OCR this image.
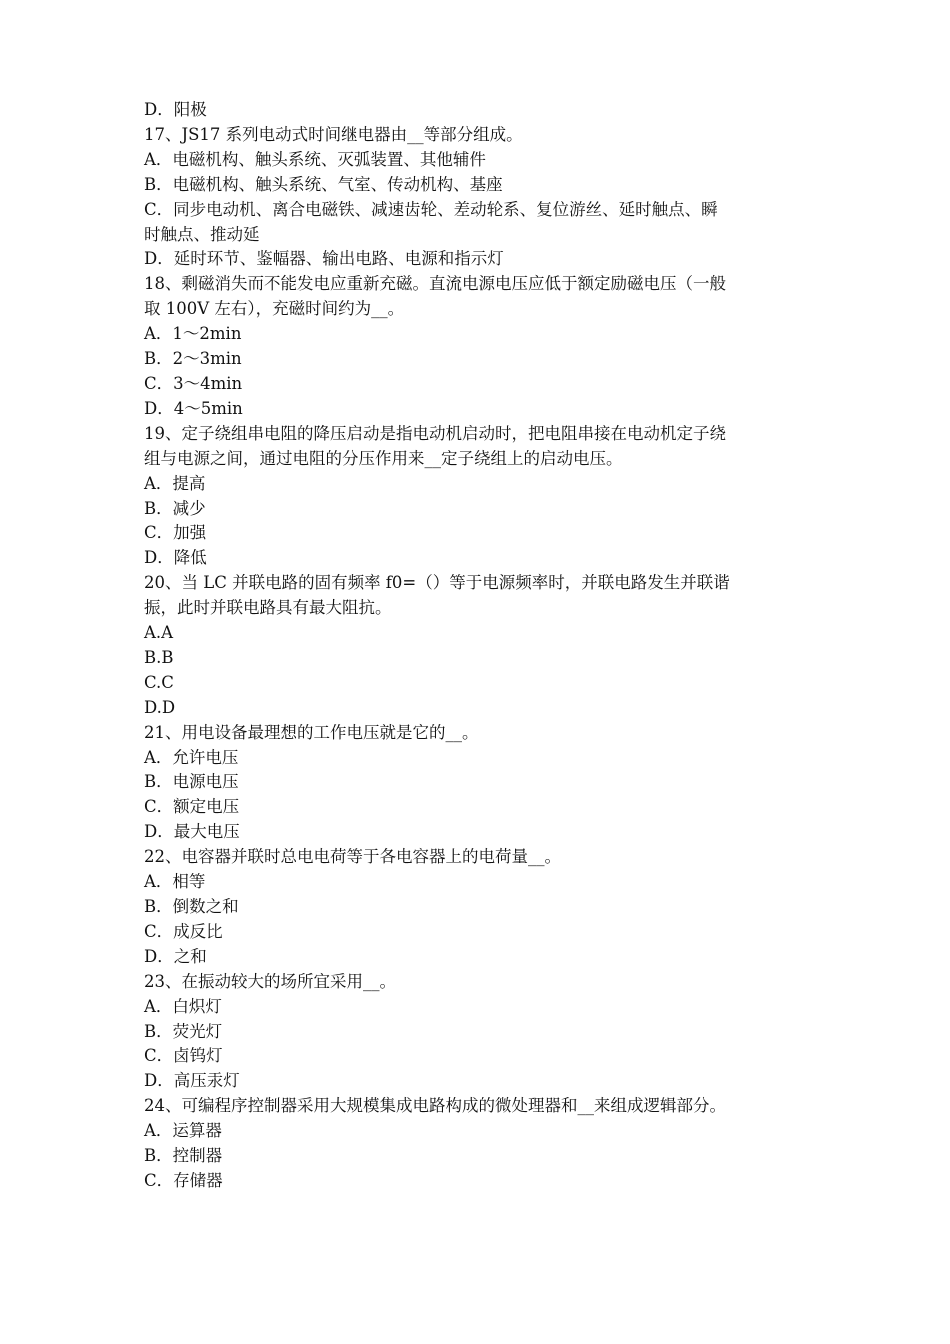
D．阳极

17、JS17 系列电动式时间继电器由__等部分组成。

A．电磁机构、触头系统、灭弧装置、其他辅件

B．电磁机构、触头系统、气室、传动机构、基座

C．同步电动机、离合电磁铁、减速齿轮、差动轮系、复位游丝、延时触点、瞬

时触点、推动延

D．延时环节、鉴幅器、输出电路、电源和指示灯

18、剩磁消失而不能发电应重新充磁。直流电源电压应低于额定励磁电压（一般

取 100V 左右），充磁时间约为__。

A．1～2min

B．2～3min

C．3～4min

D．4～5min

19、定子绕组串电阻的降压启动是指电动机启动时，把电阻串接在电动机定子绕

组与电源之间，通过电阻的分压作用来__定子绕组上的启动电压。

A．提高

B．减少

C．加强

D．降低

20、当 LC 并联电路的固有频率 f0=（）等于电源频率时，并联电路发生并联谐

振，此时并联电路具有最大阻抗。

A.A

B.B

C.C

D.D

21、用电设备最理想的工作电压就是它的__。

A．允许电压

B．电源电压

C．额定电压

D．最大电压

22、电容器并联时总电电荷等于各电容器上的电荷量__。

A．相等

B．倒数之和

C．成反比

D．之和

23、在振动较大的场所宜采用__。

A．白炽灯

B．荧光灯

C．卤钨灯

D．高压汞灯

24、可编程序控制器采用大规模集成电路构成的微处理器和__来组成逻辑部分。

A．运算器

B．控制器

C．存储器
